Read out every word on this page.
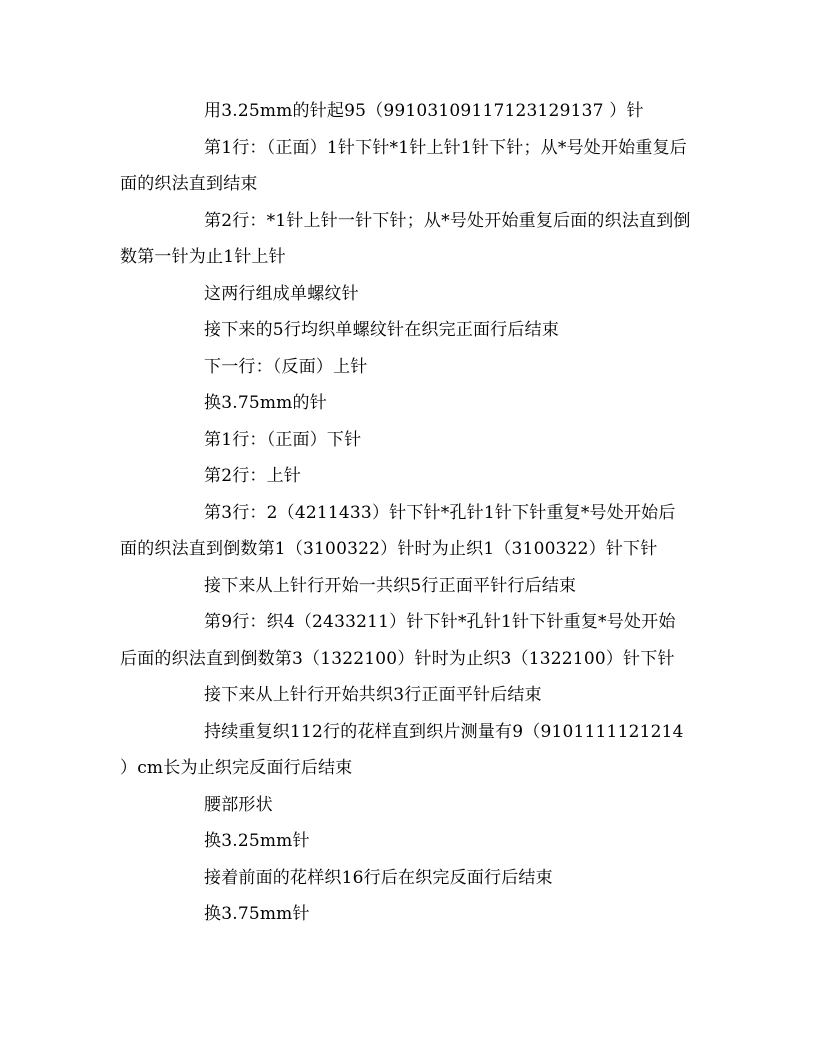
用3.25mm的针起95（99103109117123129137 ）针

第1行：（正面）1针下针*1针上针1针下针；从*号处开始重复后面的织法直到结束

第2行：*1针上针一针下针；从*号处开始重复后面的织法直到倒数第一针为止1针上针

这两行组成单螺纹针

接下来的5行均织单螺纹针在织完正面行后结束

下一行：（反面）上针

换3.75mm的针

第1行：（正面）下针

第2行：上针

第3行：2（4211433）针下针*孔针1针下针重复*号处开始后面的织法直到倒数第1（3100322）针时为止织1（3100322）针下针

接下来从上针行开始一共织5行正面平针行后结束

第9行：织4（2433211）针下针*孔针1针下针重复*号处开始后面的织法直到倒数第3（1322100）针时为止织3（1322100）针下针

接下来从上针行开始共织3行正面平针后结束

持续重复织112行的花样直到织片测量有9（9101111121214 ）cm长为止织完反面行后结束

腰部形状

换3.25mm针

接着前面的花样织16行后在织完反面行后结束

换3.75mm针
